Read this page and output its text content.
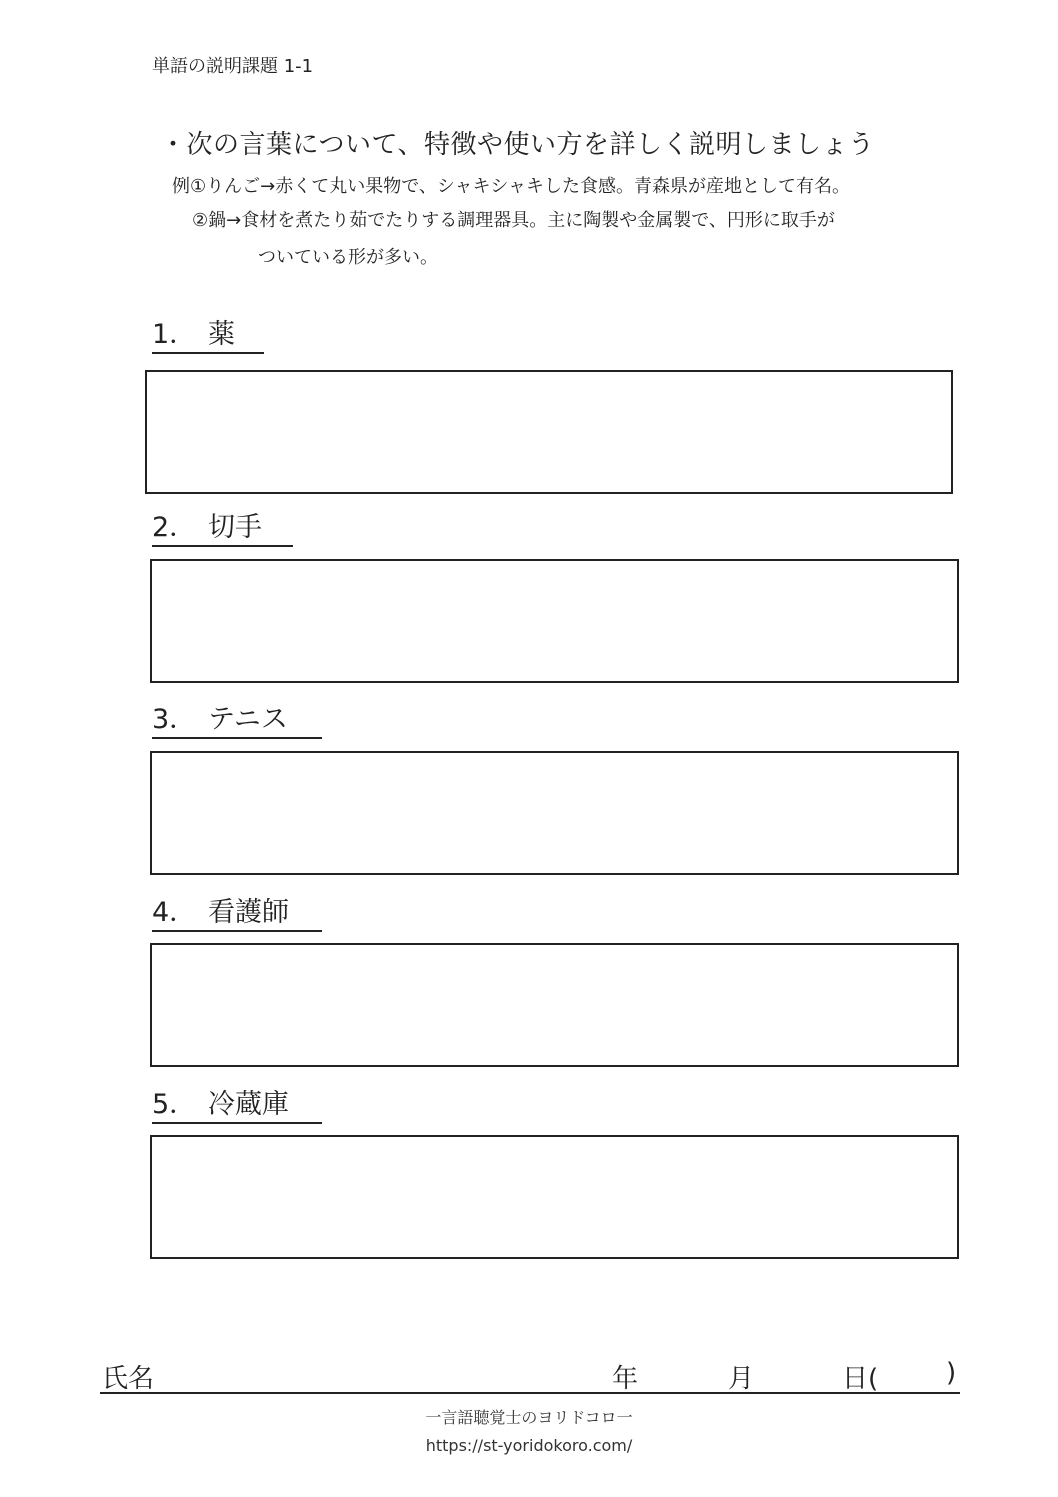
単語の説明課題 1-1
・次の言葉について、特徴や使い方を詳しく説明しましょう
例①りんご→赤くて丸い果物で、シャキシャキした食感。青森県が産地として有名。
②鍋→食材を煮たり茹でたりする調理器具。主に陶製や金属製で、円形に取手が
ついている形が多い。
1． 薬
2． 切手
3． テニス
4． 看護師
5． 冷蔵庫
氏名	年	月	日(	)
一言語聴覚士のヨリドコロ一
https://st-yoridokoro.com/
